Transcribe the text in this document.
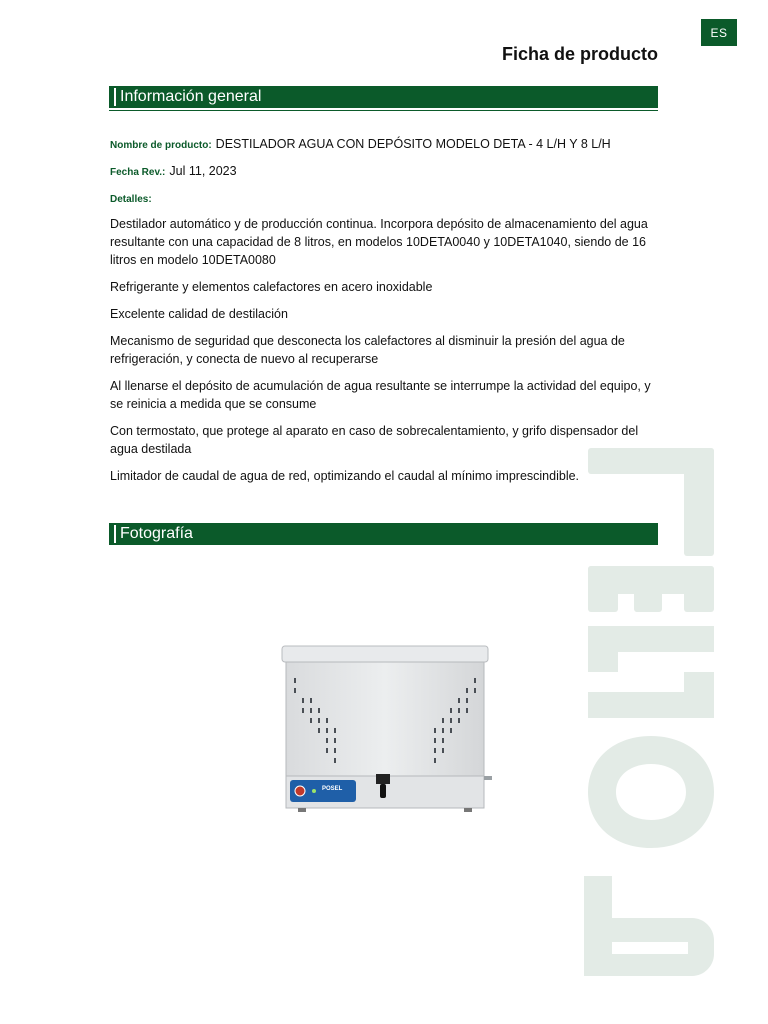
ES
Ficha de producto
Información general
Nombre de producto: DESTILADOR AGUA CON DEPÓSITO MODELO DETA - 4 L/H Y 8 L/H
Fecha Rev.: Jul 11, 2023
Detalles:

Destilador automático y de producción continua. Incorpora depósito de almacenamiento del agua resultante con una capacidad de 8 litros, en modelos 10DETA0040 y 10DETA1040, siendo de 16 litros en modelo 10DETA0080

Refrigerante y elementos calefactores en acero inoxidable

Excelente calidad de destilación

Mecanismo de seguridad que desconecta los calefactores al disminuir la presión del agua de refrigeración, y conecta de nuevo al recuperarse

Al llenarse el depósito de acumulación de agua resultante se interrumpe la actividad del equipo, y se reinicia a medida que se consume

Con termostato, que protege al aparato en caso de sobrecalentamiento, y grifo dispensador del agua destilada

Limitador de caudal de agua de red, optimizando el caudal al mínimo imprescindible.

Fotografía
POSEL
